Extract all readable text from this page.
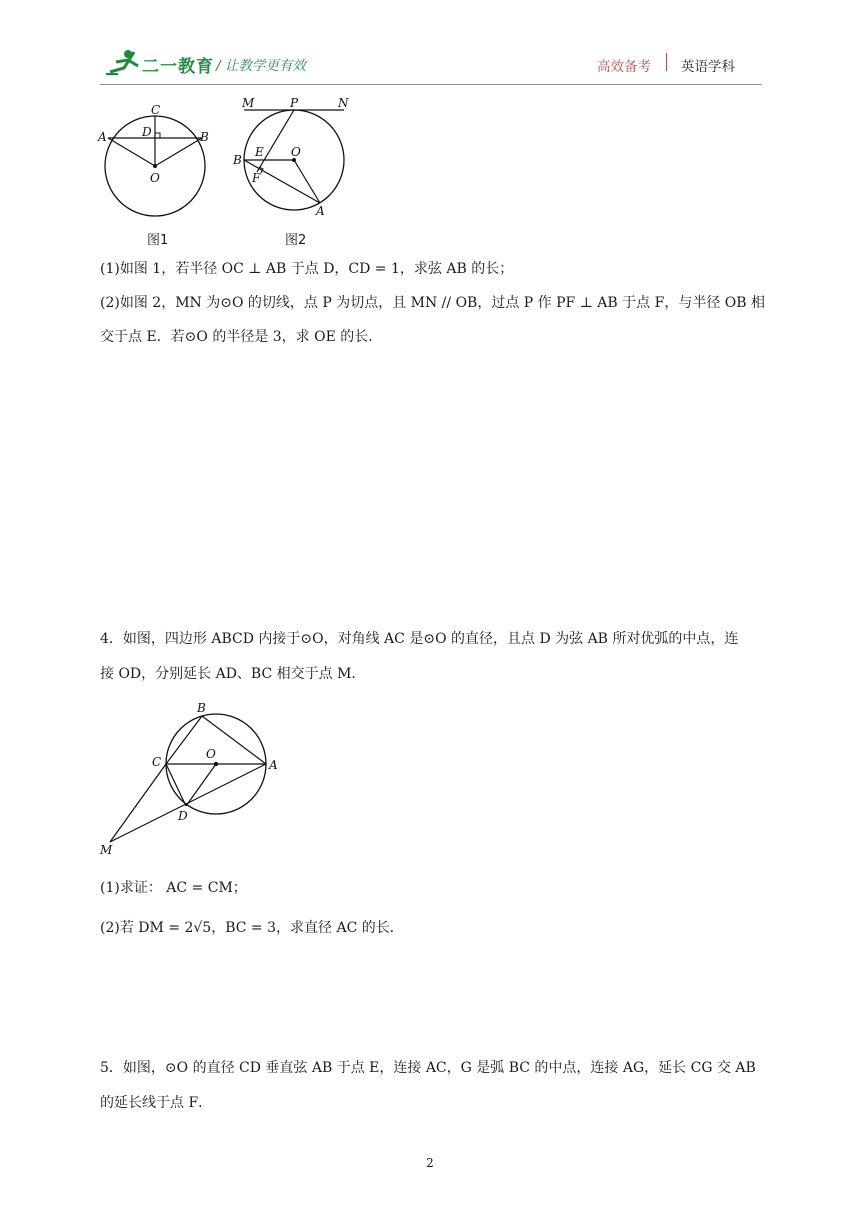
二一教育 / 让教学更有效	高效备考 英语学科
C
D
A	B
O
图1
M	P	N
B
E O
F
A
图2
(1)如图 1，若半径 OC ⊥ AB 于点 D，CD = 1，求弦 AB 的长；
(2)如图 2，MN 为⊙O 的切线，点 P 为切点，且 MN // OB，过点 P 作 PF ⊥ AB 于点 F，与半径 OB 相
交于点 E．若⊙O 的半径是 3，求 OE 的长．
4．如图，四边形 ABCD 内接于⊙O，对角线 AC 是⊙O 的直径，且点 D 为弦 AB 所对优弧的中点，连
接 OD，分别延长 AD、BC 相交于点 M．
B
C
O
A
D
M
(1)求证： AC = CM；
(2)若 DM = 2√5，BC = 3，求直径 AC 的长．
5．如图，⊙O 的直径 CD 垂直弦 AB 于点 E，连接 AC，G 是弧 BC 的中点，连接 AG，延长 CG 交 AB
的延长线于点 F．
2
